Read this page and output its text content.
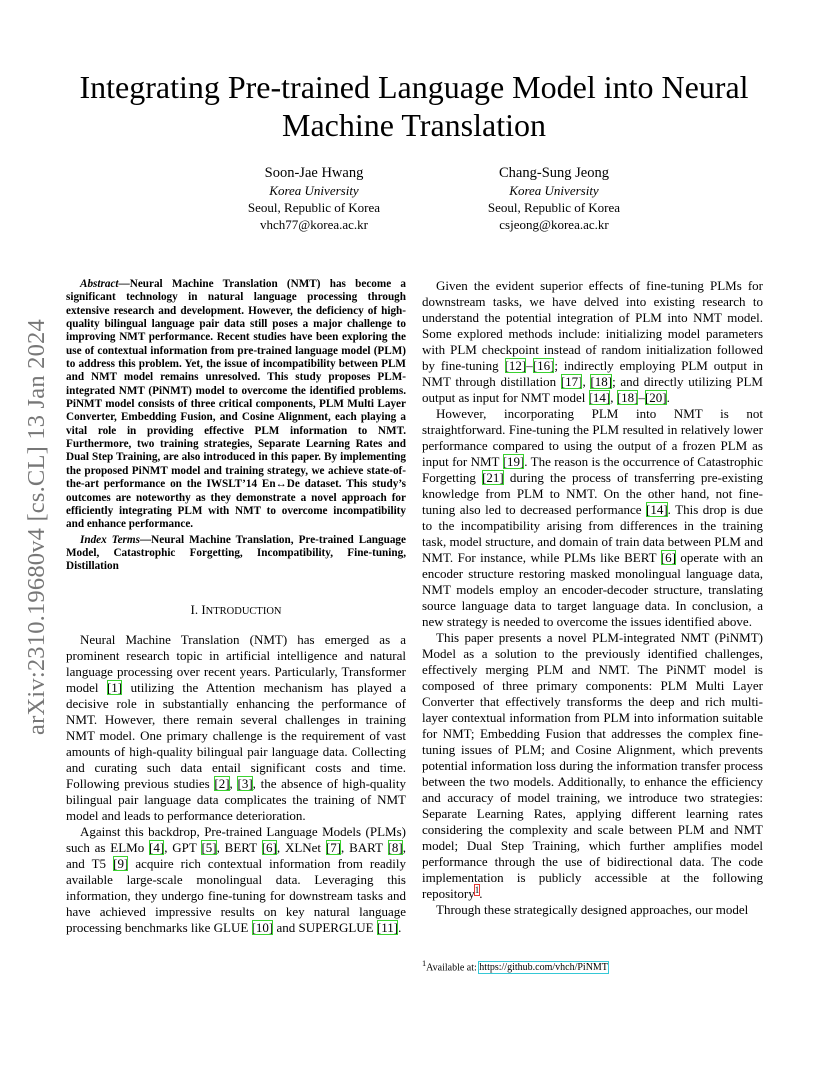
arXiv:2310.19680v4 [cs.CL] 13 Jan 2024
Integrating Pre-trained Language Model into Neural Machine Translation
Soon-Jae Hwang
Korea University
Seoul, Republic of Korea
vhch77@korea.ac.kr
Chang-Sung Jeong
Korea University
Seoul, Republic of Korea
csjeong@korea.ac.kr

Abstract—Neural Machine Translation (NMT) has become a significant technology in natural language processing through extensive research and development. However, the deficiency of high-quality bilingual language pair data still poses a major challenge to improving NMT performance. Recent studies have been exploring the use of contextual information from pre-trained language model (PLM) to address this problem. Yet, the issue of incompatibility between PLM and NMT model remains unresolved. This study proposes PLM-integrated NMT (PiNMT) model to overcome the identified problems. PiNMT model consists of three critical components, PLM Multi Layer Converter, Embedding Fusion, and Cosine Alignment, each playing a vital role in providing effective PLM information to NMT. Furthermore, two training strategies, Separate Learning Rates and Dual Step Training, are also introduced in this paper. By implementing the proposed PiNMT model and training strategy, we achieve state-of-the-art performance on the IWSLT’14 En↔De dataset. This study’s outcomes are noteworthy as they demonstrate a novel approach for efficiently integrating PLM with NMT to overcome incompatibility and enhance performance.

Index Terms—Neural Machine Translation, Pre-trained Language Model, Catastrophic Forgetting, Incompatibility, Fine-tuning, Distillation

I. INTRODUCTION

Neural Machine Translation (NMT) has emerged as a prominent research topic in artificial intelligence and natural language processing over recent years. Particularly, Transformer model [1] utilizing the Attention mechanism has played a decisive role in substantially enhancing the performance of NMT. However, there remain several challenges in training NMT model. One primary challenge is the requirement of vast amounts of high-quality bilingual pair language data. Collecting and curating such data entail significant costs and time. Following previous studies [2], [3], the absence of high-quality bilingual pair language data complicates the training of NMT model and leads to performance deterioration.

Against this backdrop, Pre-trained Language Models (PLMs) such as ELMo [4], GPT [5], BERT [6], XLNet [7], BART [8], and T5 [9] acquire rich contextual information from readily available large-scale monolingual data. Leveraging this information, they undergo fine-tuning for downstream tasks and have achieved impressive results on key natural language processing benchmarks like GLUE [10] and SUPERGLUE [11].

Given the evident superior effects of fine-tuning PLMs for downstream tasks, we have delved into existing research to understand the potential integration of PLM into NMT model. Some explored methods include: initializing model parameters with PLM checkpoint instead of random initialization followed by fine-tuning [12]–[16]; indirectly employing PLM output in NMT through distillation [17], [18]; and directly utilizing PLM output as input for NMT model [14], [18]–[20].

However, incorporating PLM into NMT is not straightforward. Fine-tuning the PLM resulted in relatively lower performance compared to using the output of a frozen PLM as input for NMT [19]. The reason is the occurrence of Catastrophic Forgetting [21] during the process of transferring pre-existing knowledge from PLM to NMT. On the other hand, not fine-tuning also led to decreased performance [14]. This drop is due to the incompatibility arising from differences in the training task, model structure, and domain of train data between PLM and NMT. For instance, while PLMs like BERT [6] operate with an encoder structure restoring masked monolingual language data, NMT models employ an encoder-decoder structure, translating source language data to target language data. In conclusion, a new strategy is needed to overcome the issues identified above.

This paper presents a novel PLM-integrated NMT (PiNMT) Model as a solution to the previously identified challenges, effectively merging PLM and NMT. The PiNMT model is composed of three primary components: PLM Multi Layer Converter that effectively transforms the deep and rich multi-layer contextual information from PLM into information suitable for NMT; Embedding Fusion that addresses the complex fine-tuning issues of PLM; and Cosine Alignment, which prevents potential information loss during the information transfer process between the two models. Additionally, to enhance the efficiency and accuracy of model training, we introduce two strategies: Separate Learning Rates, applying different learning rates considering the complexity and scale between PLM and NMT model; Dual Step Training, which further amplifies model performance through the use of bidirectional data. The code implementation is publicly accessible at the following repository$^1$.

Through these strategically designed approaches, our model

$^1$Available at: https://github.com/vhch/PiNMT
